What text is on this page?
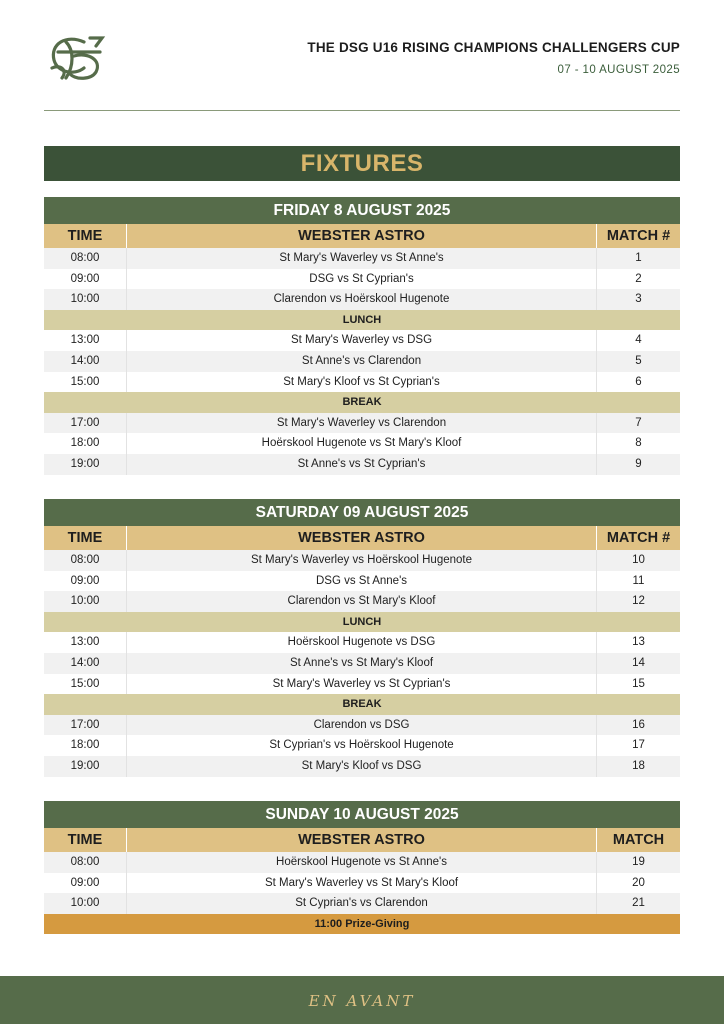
THE DSG U16 RISING CHAMPIONS CHALLENGERS CUP
07 - 10 AUGUST 2025
FIXTURES
FRIDAY 8 AUGUST 2025
TIME	WEBSTER ASTRO	MATCH #
08:00	St Mary's Waverley vs St Anne's	1
09:00	DSG vs St Cyprian's	2
10:00	Clarendon vs Hoërskool Hugenote	3
LUNCH
13:00	St Mary's Waverley vs DSG	4
14:00	St Anne's vs Clarendon	5
15:00	St Mary's Kloof vs St Cyprian's	6
BREAK
17:00	St Mary's Waverley vs Clarendon	7
18:00	Hoërskool Hugenote vs St Mary's Kloof	8
19:00	St Anne's vs St Cyprian's	9
SATURDAY 09 AUGUST 2025
TIME	WEBSTER ASTRO	MATCH #
08:00	St Mary's Waverley vs Hoërskool Hugenote	10
09:00	DSG vs St Anne's	11
10:00	Clarendon vs St Mary's Kloof	12
LUNCH
13:00	Hoërskool Hugenote vs DSG	13
14:00	St Anne's vs St Mary's Kloof	14
15:00	St Mary's Waverley vs St Cyprian's	15
BREAK
17:00	Clarendon vs DSG	16
18:00	St Cyprian's vs Hoërskool Hugenote	17
19:00	St Mary's Kloof vs DSG	18
SUNDAY 10 AUGUST 2025
TIME	WEBSTER ASTRO	MATCH
08:00	Hoërskool Hugenote vs St Anne's	19
09:00	St Mary's Waverley vs St Mary's Kloof	20
10:00	St Cyprian's vs Clarendon	21
11:00 Prize-Giving
EN AVANT
